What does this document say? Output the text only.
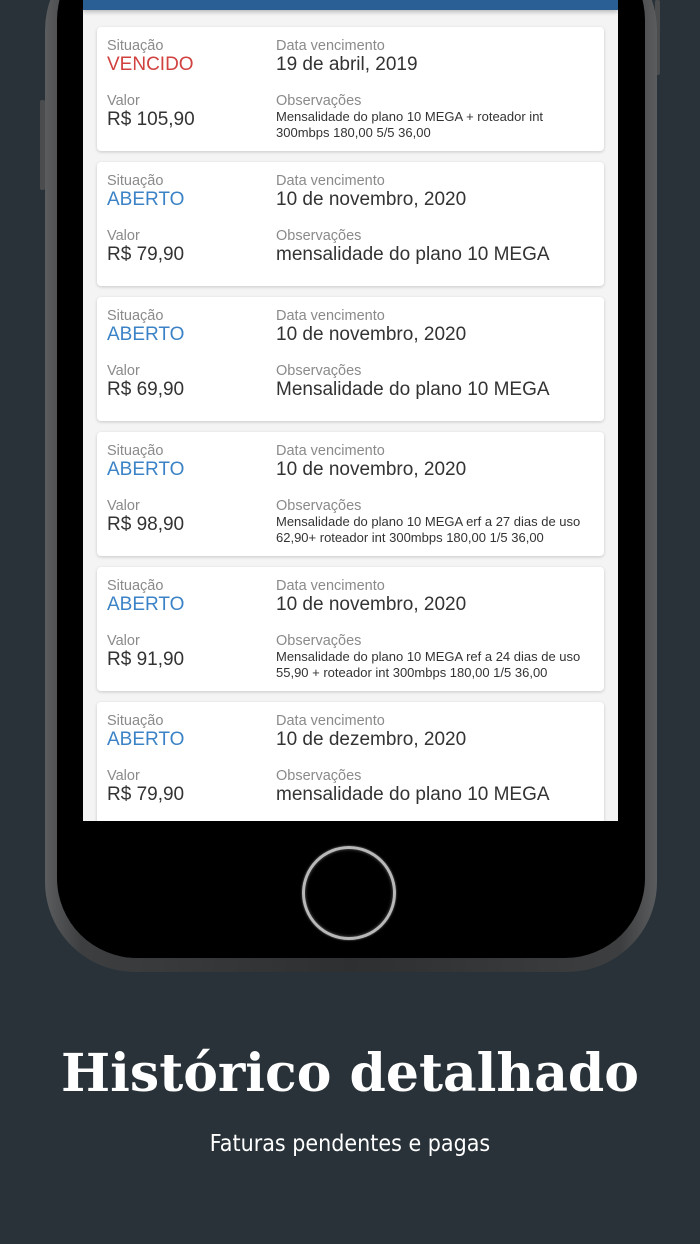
Situação
VENCIDO
Data vencimento
19 de abril, 2019
Valor
R$ 105,90
Observações
Mensalidade do plano 10 MEGA + roteador int 300mbps 180,00 5/5 36,00
Situação
ABERTO
Data vencimento
10 de novembro, 2020
Valor
R$ 79,90
Observações
mensalidade do plano 10 MEGA
Situação
ABERTO
Data vencimento
10 de novembro, 2020
Valor
R$ 69,90
Observações
Mensalidade do plano 10 MEGA
Situação
ABERTO
Data vencimento
10 de novembro, 2020
Valor
R$ 98,90
Observações
Mensalidade do plano 10 MEGA erf a 27 dias de uso 62,90+ roteador int 300mbps 180,00 1/5 36,00
Situação
ABERTO
Data vencimento
10 de novembro, 2020
Valor
R$ 91,90
Observações
Mensalidade do plano 10 MEGA ref a 24 dias de uso 55,90 + roteador int 300mbps 180,00 1/5 36,00
Situação
ABERTO
Data vencimento
10 de dezembro, 2020
Valor
R$ 79,90
Observações
mensalidade do plano 10 MEGA
Histórico detalhado
Faturas pendentes e pagas
